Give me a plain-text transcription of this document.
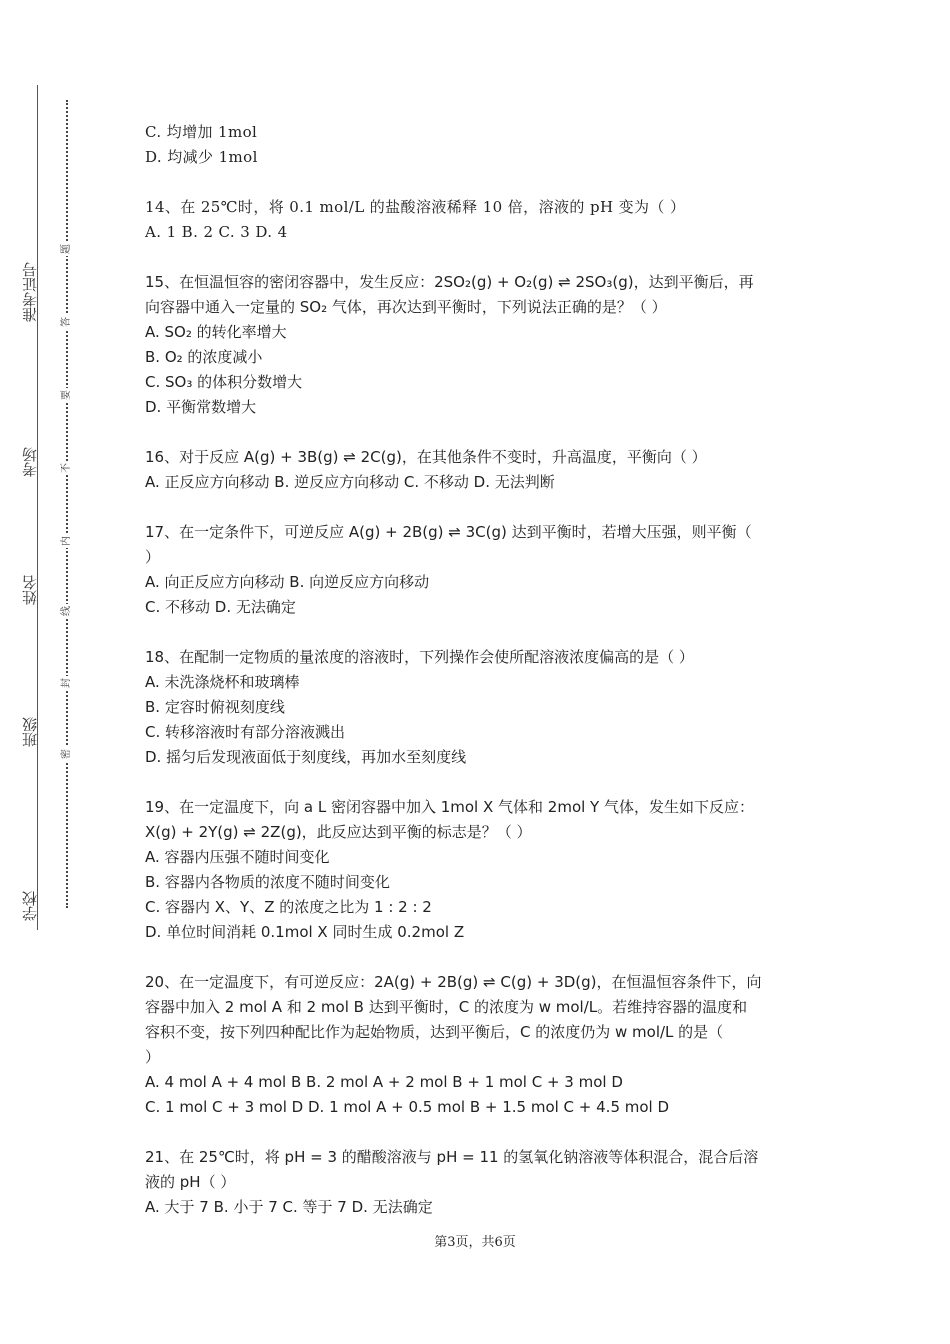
准考证号
考场
姓名
班级
学校
题
答
要
不
内
线
封
密
C. 均增加 1mol
D. 均减少 1mol
14、在 25℃时，将 0.1 mol/L 的盐酸溶液稀释 10 倍，溶液的 pH 变为（ ）
A. 1 B. 2 C. 3 D. 4
15、在恒温恒容的密闭容器中，发生反应：2SO₂(g) + O₂(g) ⇌ 2SO₃(g)，达到平衡后，再
向容器中通入一定量的 SO₂ 气体，再次达到平衡时，下列说法正确的是？（ ）
A. SO₂ 的转化率增大
B. O₂ 的浓度减小
C. SO₃ 的体积分数增大
D. 平衡常数增大
16、对于反应 A(g) + 3B(g) ⇌ 2C(g)，在其他条件不变时，升高温度，平衡向（ ）
A. 正反应方向移动 B. 逆反应方向移动 C. 不移动 D. 无法判断
17、在一定条件下，可逆反应 A(g) + 2B(g) ⇌ 3C(g) 达到平衡时，若增大压强，则平衡（
）
A. 向正反应方向移动 B. 向逆反应方向移动
C. 不移动 D. 无法确定
18、在配制一定物质的量浓度的溶液时，下列操作会使所配溶液浓度偏高的是（ ）
A. 未洗涤烧杯和玻璃棒
B. 定容时俯视刻度线
C. 转移溶液时有部分溶液溅出
D. 摇匀后发现液面低于刻度线，再加水至刻度线
19、在一定温度下，向 a L 密闭容器中加入 1mol X 气体和 2mol Y 气体，发生如下反应：
X(g) + 2Y(g) ⇌ 2Z(g)，此反应达到平衡的标志是？（ ）
A. 容器内压强不随时间变化
B. 容器内各物质的浓度不随时间变化
C. 容器内 X、Y、Z 的浓度之比为 1 : 2 : 2
D. 单位时间消耗 0.1mol X 同时生成 0.2mol Z
20、在一定温度下，有可逆反应：2A(g) + 2B(g) ⇌ C(g) + 3D(g)，在恒温恒容条件下，向
容器中加入 2 mol A 和 2 mol B 达到平衡时，C 的浓度为 w mol/L。若维持容器的温度和
容积不变，按下列四种配比作为起始物质，达到平衡后，C 的浓度仍为 w mol/L 的是（
）
A. 4 mol A + 4 mol B B. 2 mol A + 2 mol B + 1 mol C + 3 mol D
C. 1 mol C + 3 mol D D. 1 mol A + 0.5 mol B + 1.5 mol C + 4.5 mol D
21、在 25℃时，将 pH = 3 的醋酸溶液与 pH = 11 的氢氧化钠溶液等体积混合，混合后溶
液的 pH（ ）
A. 大于 7 B. 小于 7 C. 等于 7 D. 无法确定
第3页，共6页
